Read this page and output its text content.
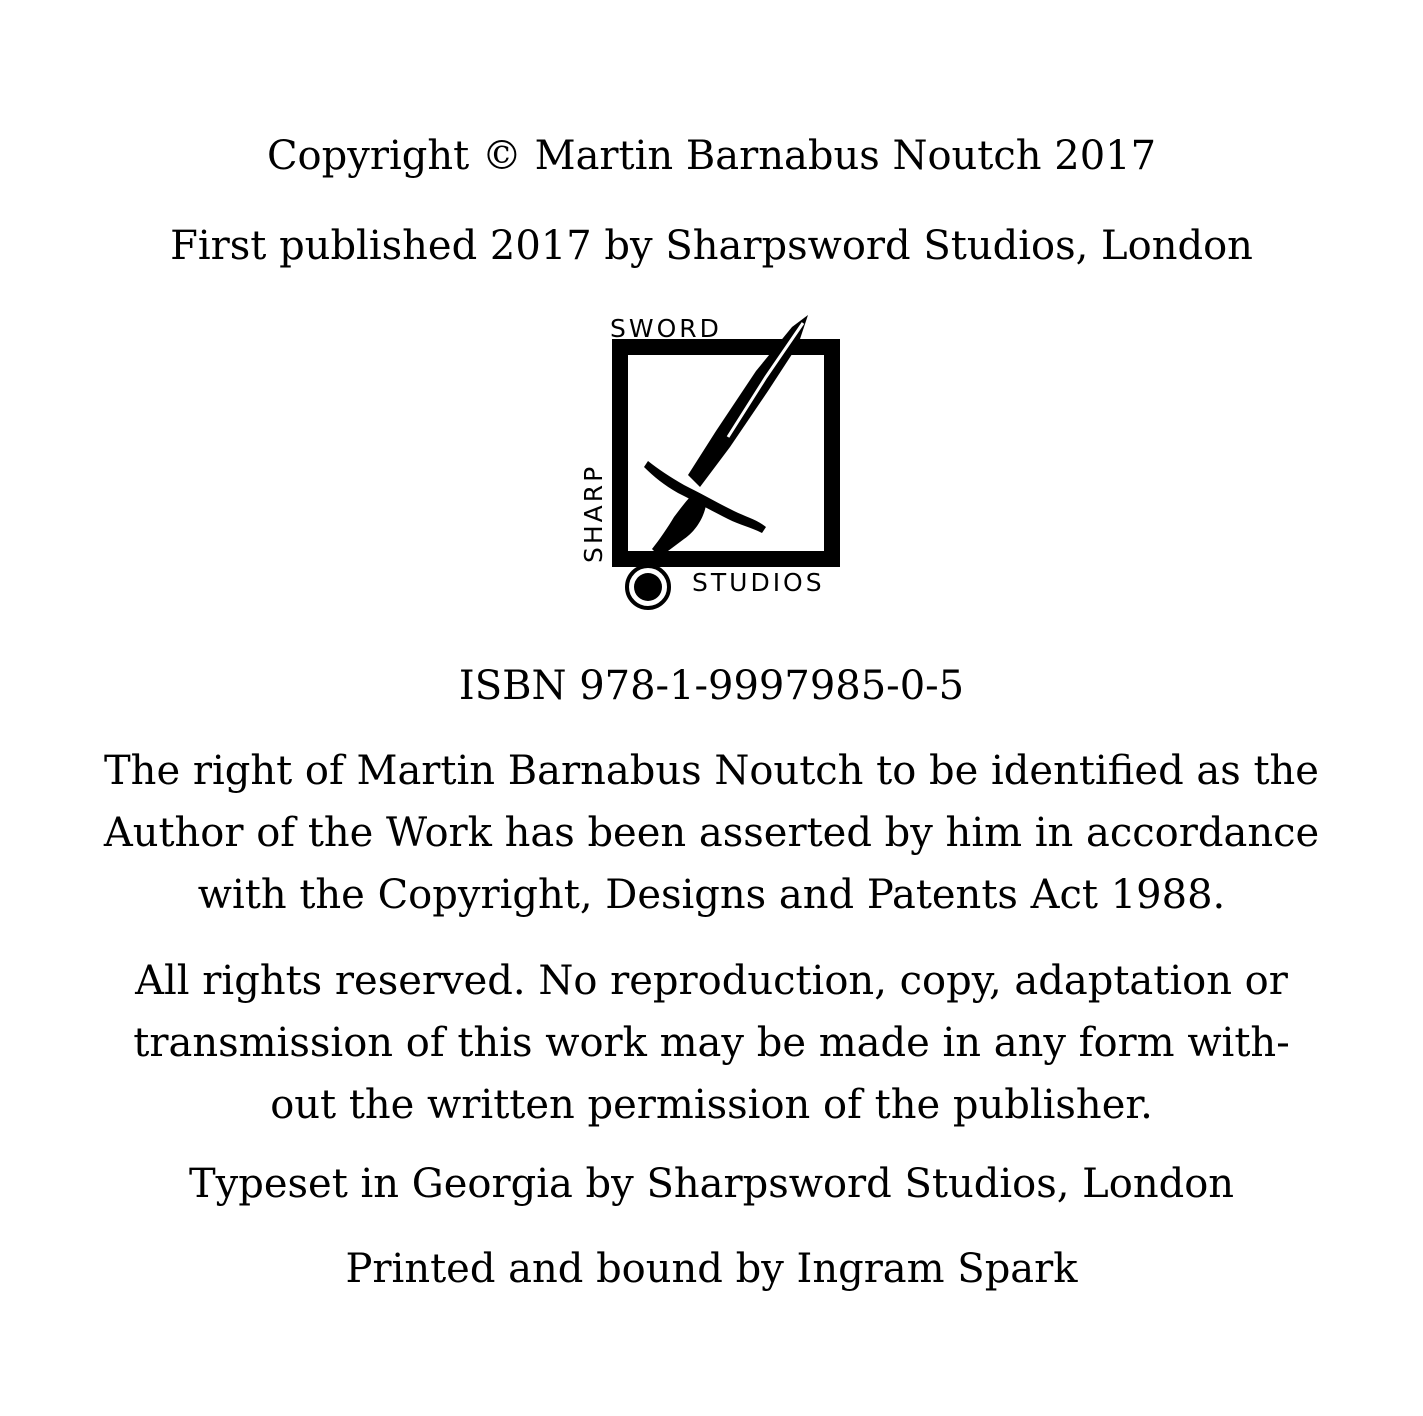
Copyright © Martin Barnabus Noutch 2017
First published 2017 by Sharpsword Studios, London
SWORD
SHARP
STUDIOS
ISBN 978-1-9997985-0-5
The right of Martin Barnabus Noutch to be identified as the
Author of the Work has been asserted by him in accordance
with the Copyright, Designs and Patents Act 1988.
All rights reserved. No reproduction, copy, adaptation or
transmission of this work may be made in any form with-
out the written permission of the publisher.
Typeset in Georgia by Sharpsword Studios, London
Printed and bound by Ingram Spark
